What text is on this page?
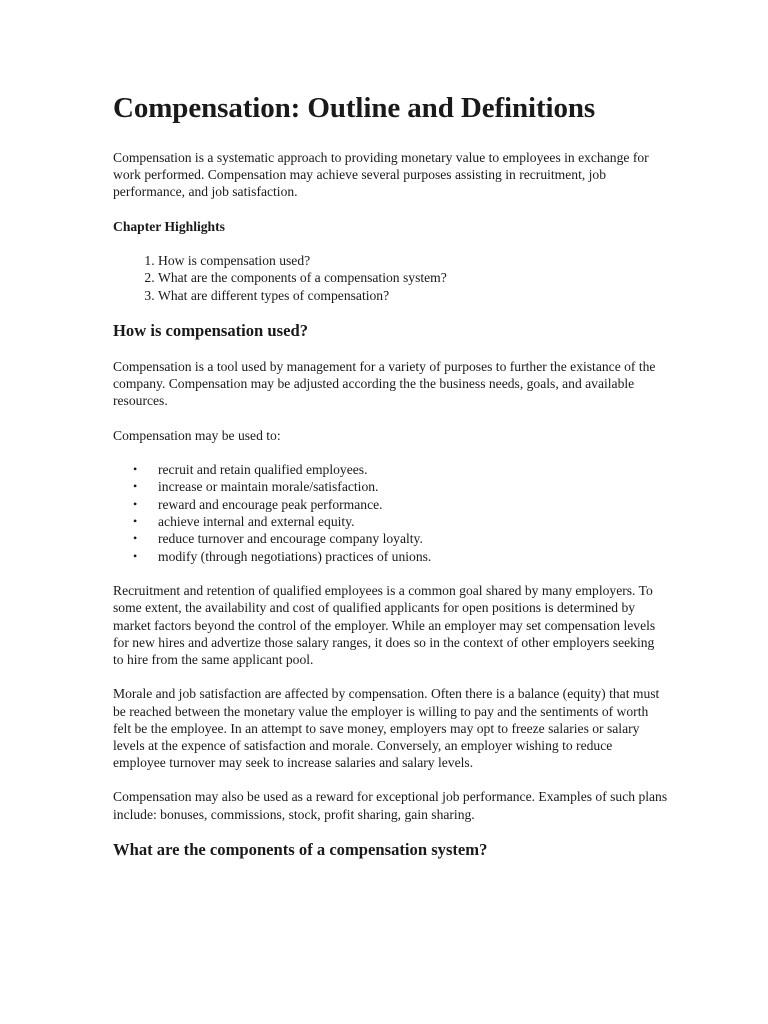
Compensation: Outline and Definitions

Compensation is a systematic approach to providing monetary value to employees in exchange for work performed. Compensation may achieve several purposes assisting in recruitment, job performance, and job satisfaction.

Chapter Highlights
1. How is compensation used?
2. What are the components of a compensation system?
3. What are different types of compensation?
How is compensation used?

Compensation is a tool used by management for a variety of purposes to further the existance of the company. Compensation may be adjusted according the the business needs, goals, and available resources.

Compensation may be used to:

• recruit and retain qualified employees.
• increase or maintain morale/satisfaction.
• reward and encourage peak performance.
• achieve internal and external equity.
• reduce turnover and encourage company loyalty.
• modify (through negotiations) practices of unions.

Recruitment and retention of qualified employees is a common goal shared by many employers. To some extent, the availability and cost of qualified applicants for open positions is determined by market factors beyond the control of the employer. While an employer may set compensation levels for new hires and advertize those salary ranges, it does so in the context of other employers seeking to hire from the same applicant pool.

Morale and job satisfaction are affected by compensation. Often there is a balance (equity) that must be reached between the monetary value the employer is willing to pay and the sentiments of worth felt be the employee. In an attempt to save money, employers may opt to freeze salaries or salary levels at the expence of satisfaction and morale. Conversely, an employer wishing to reduce employee turnover may seek to increase salaries and salary levels.

Compensation may also be used as a reward for exceptional job performance. Examples of such plans include: bonuses, commissions, stock, profit sharing, gain sharing.

What are the components of a compensation system?
